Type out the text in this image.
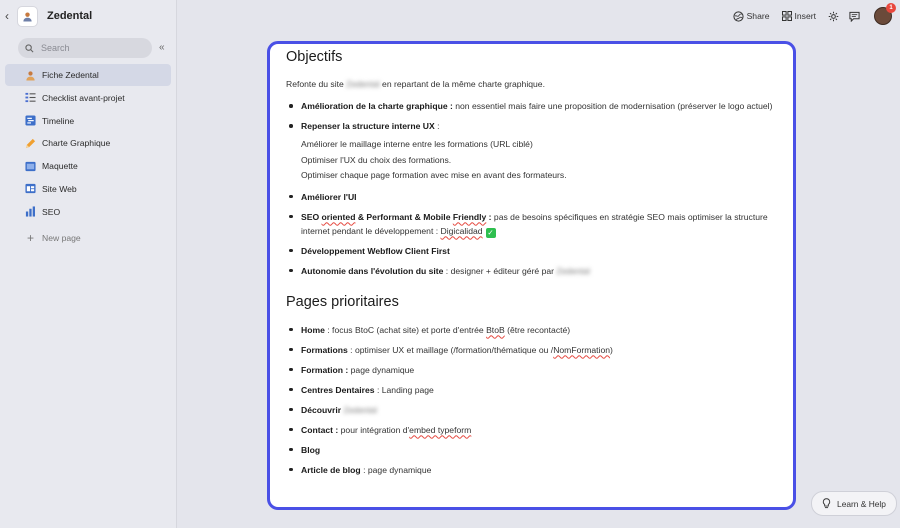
‹	Zedental
Search	«
Fiche Zedental
Checklist avant-projet
Timeline
Charte Graphique
Maquette
Site Web
SEO
+ New page
Share	Insert
1
Objectifs

Refonte du site Zedental en repartant de la même charte graphique.

Amélioration de la charte graphique : non essentiel mais faire une proposition de modernisation (préserver le logo actuel)
Repenser la structure interne UX :
Améliorer le maillage interne entre les formations (URL ciblé)
Optimiser l'UX du choix des formations.
Optimiser chaque page formation avec mise en avant des formateurs.
Améliorer l'UI
SEO oriented & Performant & Mobile Friendly : pas de besoins spécifiques en stratégie SEO mais optimiser la structure internet pendant le développement : Digicalidad ✓
Développement Webflow Client First
Autonomie dans l'évolution du site : designer + éditeur géré par Zedental
Pages prioritaires
Home : focus BtoC (achat site) et porte d'entrée BtoB (être recontacté)
Formations : optimiser UX et maillage (/formation/thématique ou /NomFormation)
Formation : page dynamique
Centres Dentaires : Landing page
Découvrir Zedental
Contact : pour intégration d'embed typeform
Blog
Article de blog : page dynamique
Learn & Help
